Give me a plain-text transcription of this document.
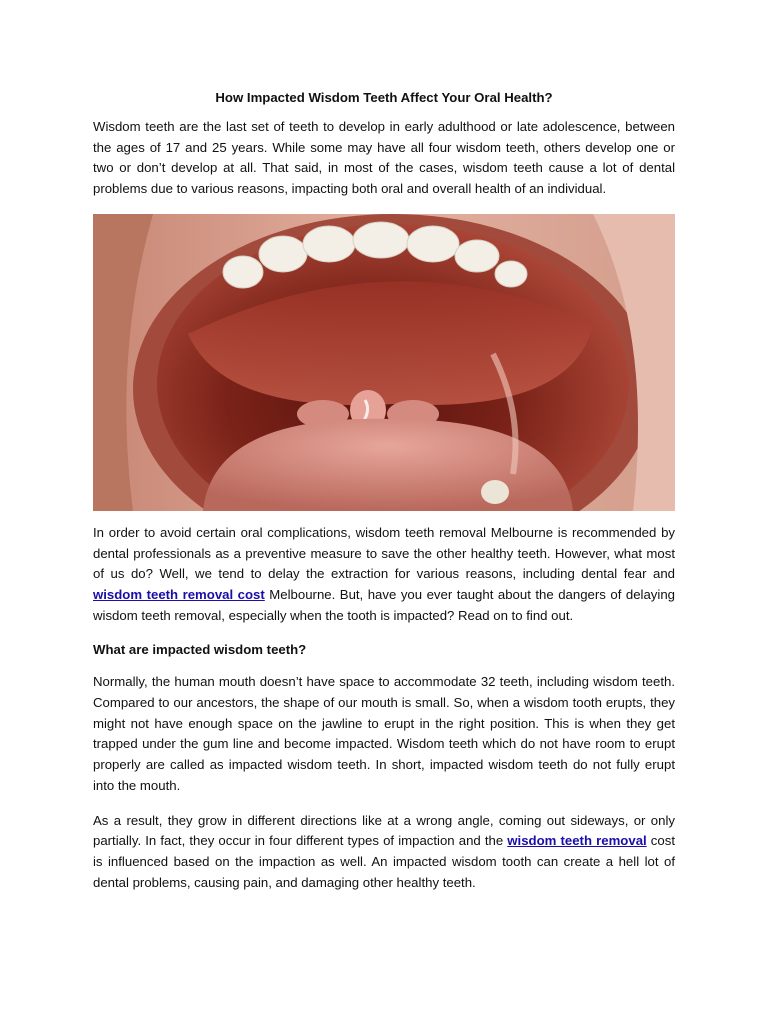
How Impacted Wisdom Teeth Affect Your Oral Health?

Wisdom teeth are the last set of teeth to develop in early adulthood or late adolescence, between the ages of 17 and 25 years. While some may have all four wisdom teeth, others develop one or two or don’t develop at all. That said, in most of the cases, wisdom teeth cause a lot of dental problems due to various reasons, impacting both oral and overall health of an individual.

In order to avoid certain oral complications, wisdom teeth removal Melbourne is recommended by dental professionals as a preventive measure to save the other healthy teeth. However, what most of us do? Well, we tend to delay the extraction for various reasons, including dental fear and wisdom teeth removal cost Melbourne. But, have you ever taught about the dangers of delaying wisdom teeth removal, especially when the tooth is impacted? Read on to find out.

What are impacted wisdom teeth?

Normally, the human mouth doesn’t have space to accommodate 32 teeth, including wisdom teeth. Compared to our ancestors, the shape of our mouth is small. So, when a wisdom tooth erupts, they might not have enough space on the jawline to erupt in the right position. This is when they get trapped under the gum line and become impacted. Wisdom teeth which do not have room to erupt properly are called as impacted wisdom teeth. In short, impacted wisdom teeth do not fully erupt into the mouth.

As a result, they grow in different directions like at a wrong angle, coming out sideways, or only partially. In fact, they occur in four different types of impaction and the wisdom teeth removal cost is influenced based on the impaction as well. An impacted wisdom tooth can create a hell lot of dental problems, causing pain, and damaging other healthy teeth.
